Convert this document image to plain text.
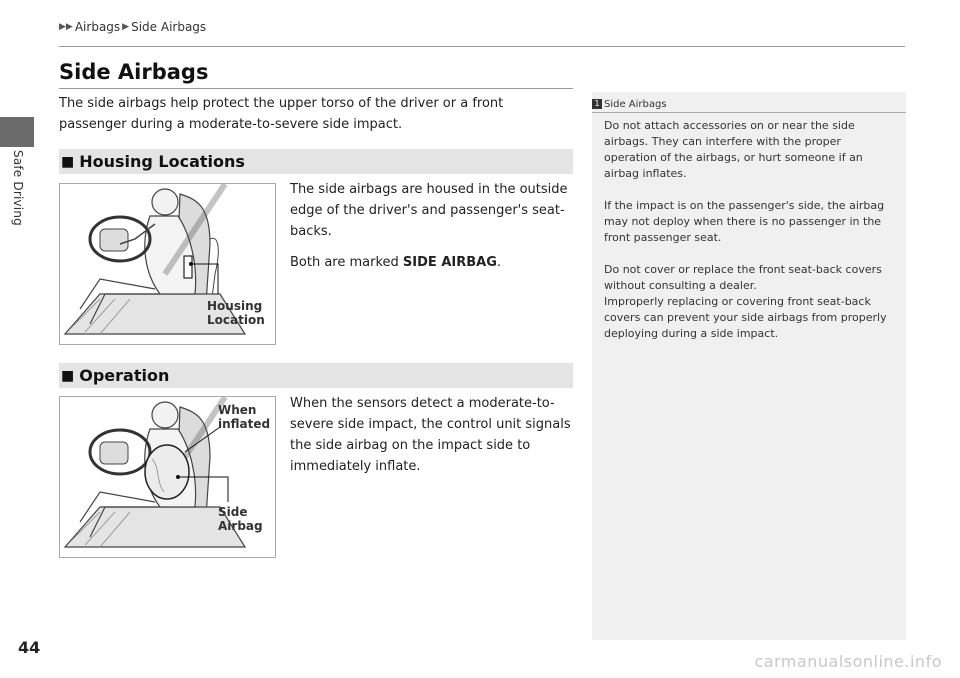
Safe Driving
▶▶ Airbags ▶ Side Airbags
Side Airbags

The side airbags help protect the upper torso of the driver or a front passenger during a moderate-to-severe side impact.

■ Housing Locations
Housing
Location

The side airbags are housed in the outside edge of the driver's and passenger's seat-backs.

Both are marked SIDE AIRBAG.

■ Operation
When
inflated
Side
Airbag

When the sensors detect a moderate-to-severe side impact, the control unit signals the side airbag on the impact side to immediately inflate.

1 Side Airbags

Do not attach accessories on or near the side airbags. They can interfere with the proper operation of the airbags, or hurt someone if an airbag inflates.

If the impact is on the passenger's side, the airbag may not deploy when there is no passenger in the front passenger seat.

Do not cover or replace the front seat-back covers without consulting a dealer.

Improperly replacing or covering front seat-back covers can prevent your side airbags from properly deploying during a side impact.

44
carmanualsonline.info
